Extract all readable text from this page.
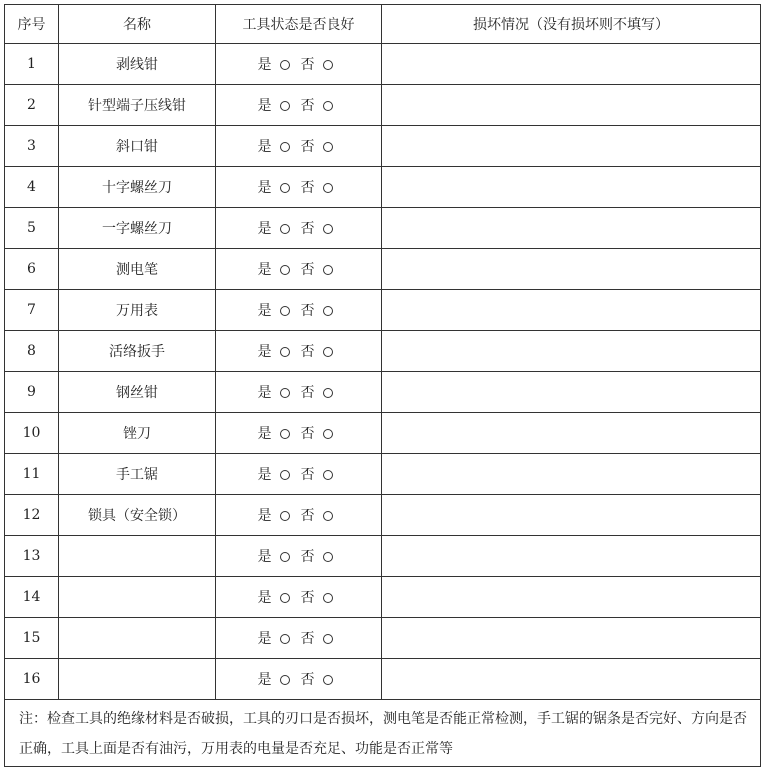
序号	名称	工具状态是否良好	损坏情况（没有损坏则不填写）
1	剥线钳	是 否	
2	针型端子压线钳	是 否	
3	斜口钳	是 否	
4	十字螺丝刀	是 否	
5	一字螺丝刀	是 否	
6	测电笔	是 否	
7	万用表	是 否	
8	活络扳手	是 否	
9	钢丝钳	是 否	
10	锉刀	是 否	
11	手工锯	是 否	
12	锁具（安全锁）	是 否	
13		是 否	
14		是 否	
15		是 否	
16		是 否	
注：检查工具的绝缘材料是否破损，工具的刃口是否损坏，测电笔是否能正常检测，手工锯的锯条是否完好、方向是否正确，工具上面是否有油污，万用表的电量是否充足、功能是否正常等			
